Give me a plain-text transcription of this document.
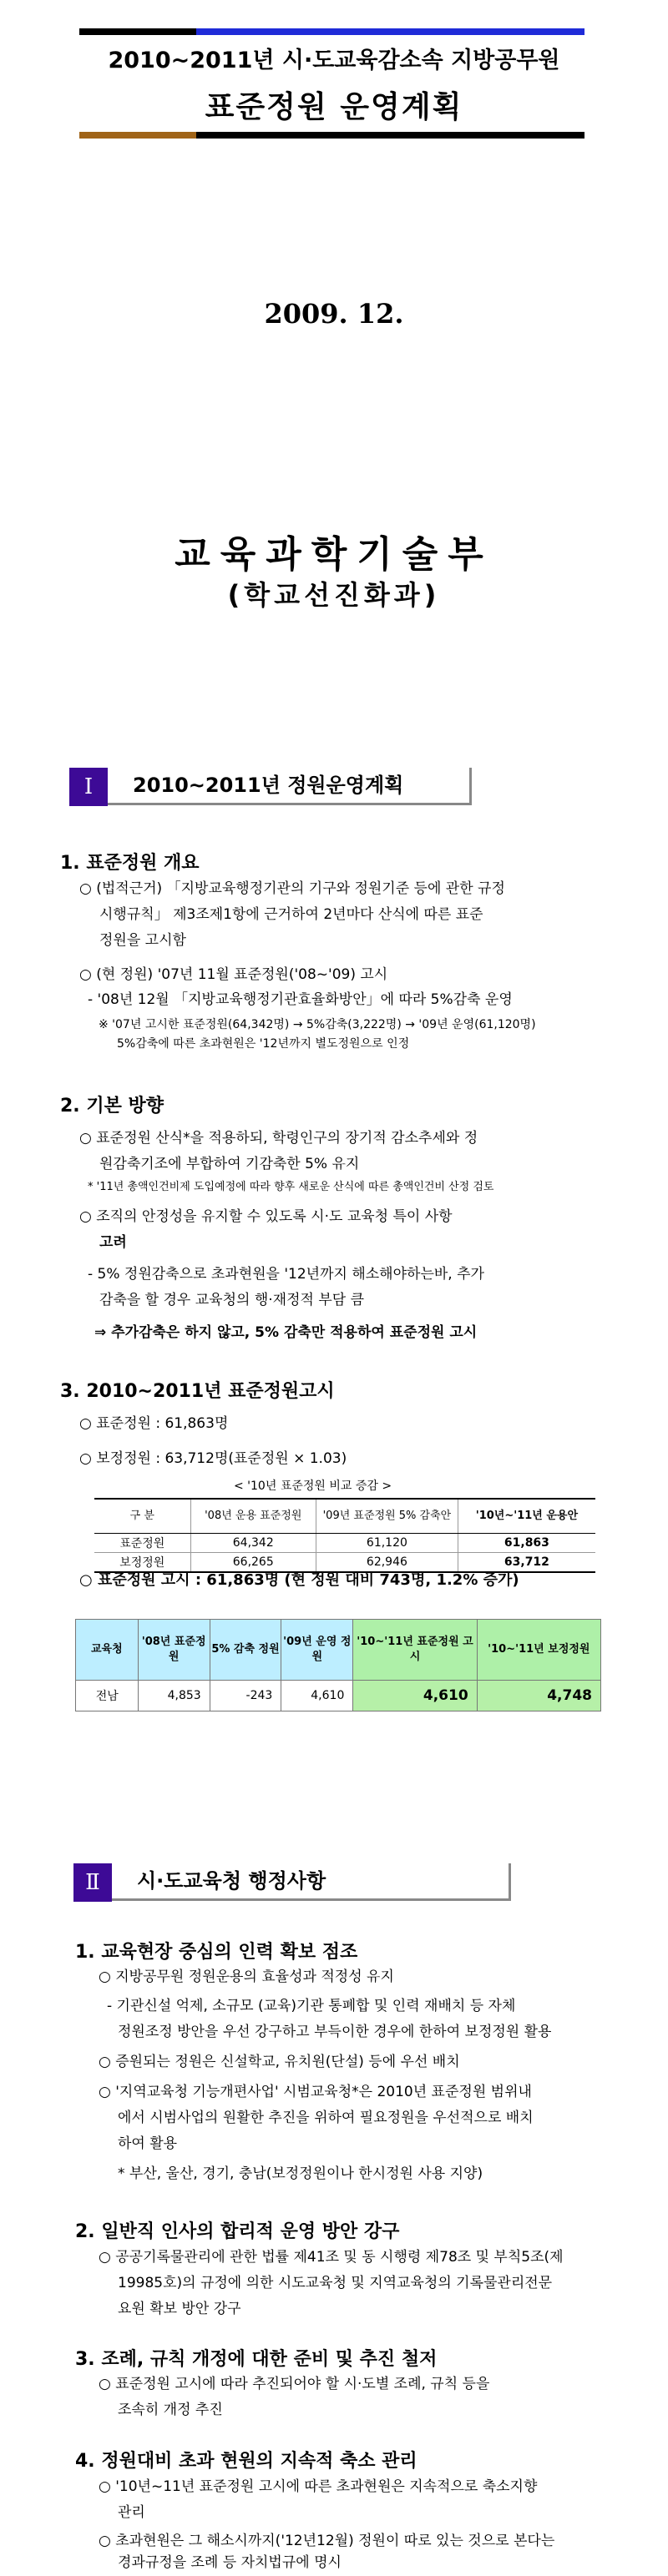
2010~2011년 시·도교육감소속 지방공무원
표준정원 운영계획
2009. 12.
교육과학기술부
(학교선진화과)
Ⅰ	2010~2011년 정원운영계획
1. 표준정원 개요
○ (법적근거) 「지방교육행정기관의 기구와 정원기준 등에 관한 규정
시행규칙」 제3조제1항에 근거하여 2년마다 산식에 따른 표준
정원을 고시함
○ (현 정원) '07년 11월 표준정원('08~'09) 고시
- '08년 12월 「지방교육행정기관효율화방안」에 따라 5%감축 운영
※ '07년 고시한 표준정원(64,342명) → 5%감축(3,222명) → '09년 운영(61,120명)
5%감축에 따른 초과현원은 '12년까지 별도정원으로 인정
2. 기본 방향
○ 표준정원 산식*을 적용하되, 학령인구의 장기적 감소추세와 정
원감축기조에 부합하여 기감축한 5% 유지
* '11년 총액인건비제 도입예정에 따라 향후 새로운 산식에 따른 총액인건비 산정 검토
○ 조직의 안정성을 유지할 수 있도록 시·도 교육청 특이 사항
고려
- 5% 정원감축으로 초과현원을 '12년까지 해소해야하는바, 추가
감축을 할 경우 교육청의 행·재정적 부담 큼
⇒ 추가감축은 하지 않고, 5% 감축만 적용하여 표준정원 고시
3. 2010~2011년 표준정원고시
○ 표준정원 : 61,863명
○ 보정정원 : 63,712명(표준정원 × 1.03)
< '10년 표준정원 비교 증감 >
구 분	'08년 운용 표준정원	'09년 표준정원 5% 감축안	'10년~'11년 운용안
표준정원	64,342	61,120	61,863
보정정원	66,265	62,946	63,712
○ 표준정원 고시 : 61,863명 (현 정원 대비 743명, 1.2% 증가)
교육청	'08년 표준정원	5% 감축 정원	'09년 운영 정원	'10~'11년 표준정원 고시	'10~'11년 보정정원
전남	4,853	-243	4,610	4,610	4,748
Ⅱ	시·도교육청 행정사항
1. 교육현장 중심의 인력 확보 점조
○ 지방공무원 정원운용의 효율성과 적정성 유지
- 기관신설 억제, 소규모 (교육)기관 통폐합 및 인력 재배치 등 자체
정원조정 방안을 우선 강구하고 부득이한 경우에 한하여 보정정원 활용
○ 증원되는 정원은 신설학교, 유치원(단설) 등에 우선 배치
○ '지역교육청 기능개편사업' 시범교육청*은 2010년 표준정원 범위내
에서 시범사업의 원활한 추진을 위하여 필요정원을 우선적으로 배치
하여 활용
* 부산, 울산, 경기, 충남(보정정원이나 한시정원 사용 지양)
2. 일반직 인사의 합리적 운영 방안 강구
○ 공공기록물관리에 관한 법률 제41조 및 동 시행령 제78조 및 부칙5조(제
19985호)의 규정에 의한 시도교육청 및 지역교육청의 기록물관리전문
요원 확보 방안 강구
3. 조례, 규칙 개정에 대한 준비 및 추진 철저
○ 표준정원 고시에 따라 추진되어야 할 시·도별 조례, 규칙 등을
조속히 개정 추진
4. 정원대비 초과 현원의 지속적 축소 관리
○ '10년~11년 표준정원 고시에 따른 초과현원은 지속적으로 축소지향
관리
○ 초과현원은 그 해소시까지('12년12월) 정원이 따로 있는 것으로 본다는
경과규정을 조례 등 자치법규에 명시
